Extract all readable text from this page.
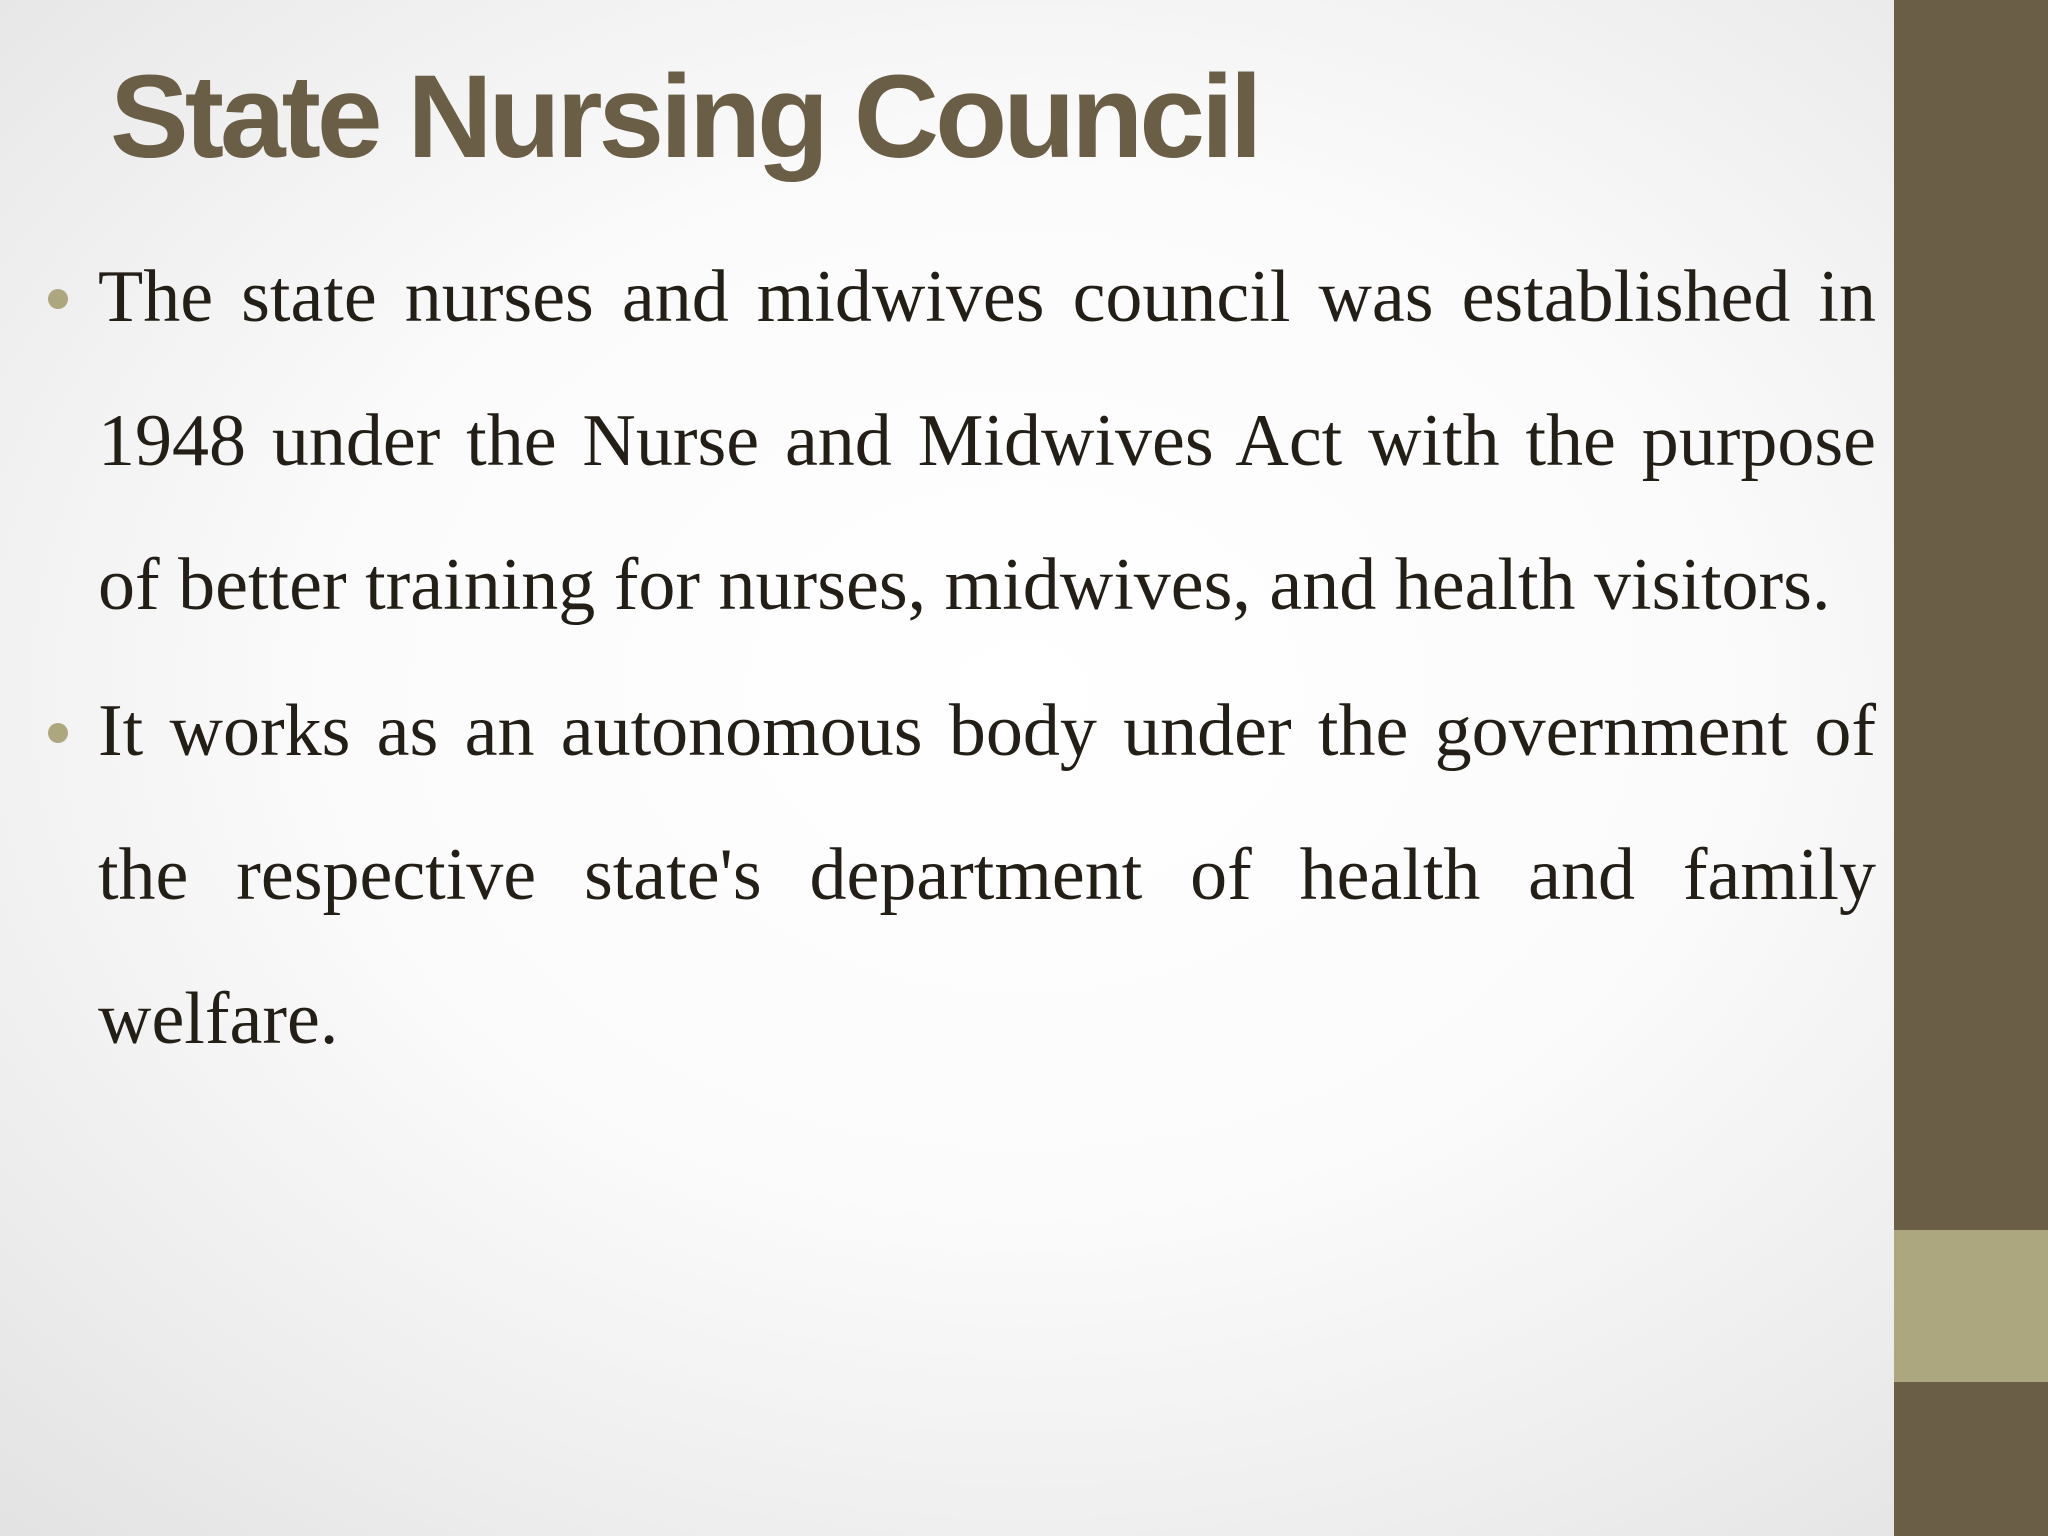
State Nursing Council
The state nurses and midwives council was established in 1948 under the Nurse and Midwives Act with the purpose of better training for nurses, midwives, and health visitors.
It works as an autonomous body under the government of the respective state's department of health and family welfare.
